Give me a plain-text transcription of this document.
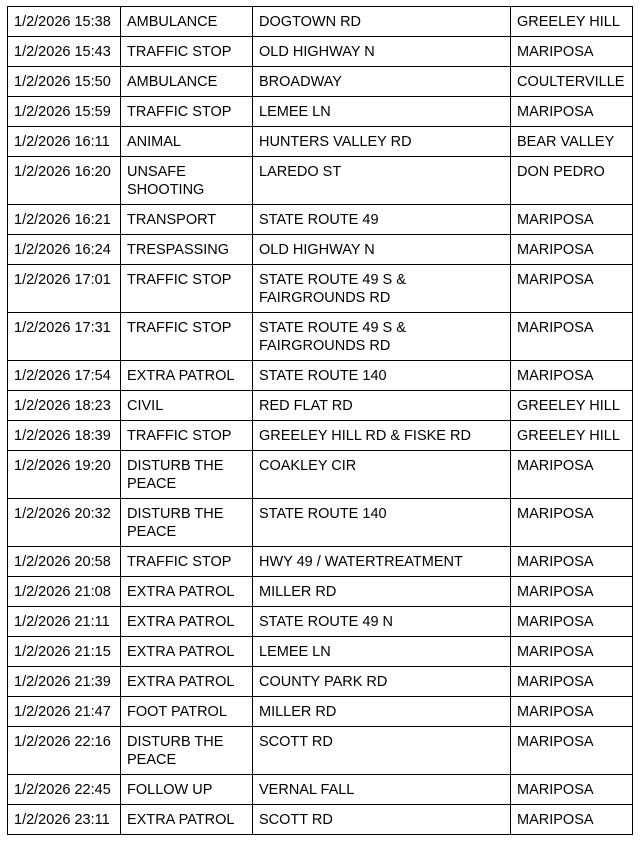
1/2/2026 15:38	AMBULANCE	DOGTOWN RD	GREELEY HILL
1/2/2026 15:43	TRAFFIC STOP	OLD HIGHWAY N	MARIPOSA
1/2/2026 15:50	AMBULANCE	BROADWAY	COULTERVILLE
1/2/2026 15:59	TRAFFIC STOP	LEMEE LN	MARIPOSA
1/2/2026 16:11	ANIMAL	HUNTERS VALLEY RD	BEAR VALLEY
1/2/2026 16:20	UNSAFE SHOOTING	LAREDO ST	DON PEDRO
1/2/2026 16:21	TRANSPORT	STATE ROUTE 49	MARIPOSA
1/2/2026 16:24	TRESPASSING	OLD HIGHWAY N	MARIPOSA
1/2/2026 17:01	TRAFFIC STOP	STATE ROUTE 49 S & FAIRGROUNDS RD	MARIPOSA
1/2/2026 17:31	TRAFFIC STOP	STATE ROUTE 49 S & FAIRGROUNDS RD	MARIPOSA
1/2/2026 17:54	EXTRA PATROL	STATE ROUTE 140	MARIPOSA
1/2/2026 18:23	CIVIL	RED FLAT RD	GREELEY HILL
1/2/2026 18:39	TRAFFIC STOP	GREELEY HILL RD & FISKE RD	GREELEY HILL
1/2/2026 19:20	DISTURB THE PEACE	COAKLEY CIR	MARIPOSA
1/2/2026 20:32	DISTURB THE PEACE	STATE ROUTE 140	MARIPOSA
1/2/2026 20:58	TRAFFIC STOP	HWY 49 / WATERTREATMENT	MARIPOSA
1/2/2026 21:08	EXTRA PATROL	MILLER RD	MARIPOSA
1/2/2026 21:11	EXTRA PATROL	STATE ROUTE 49 N	MARIPOSA
1/2/2026 21:15	EXTRA PATROL	LEMEE LN	MARIPOSA
1/2/2026 21:39	EXTRA PATROL	COUNTY PARK RD	MARIPOSA
1/2/2026 21:47	FOOT PATROL	MILLER RD	MARIPOSA
1/2/2026 22:16	DISTURB THE PEACE	SCOTT RD	MARIPOSA
1/2/2026 22:45	FOLLOW UP	VERNAL FALL	MARIPOSA
1/2/2026 23:11	EXTRA PATROL	SCOTT RD	MARIPOSA
